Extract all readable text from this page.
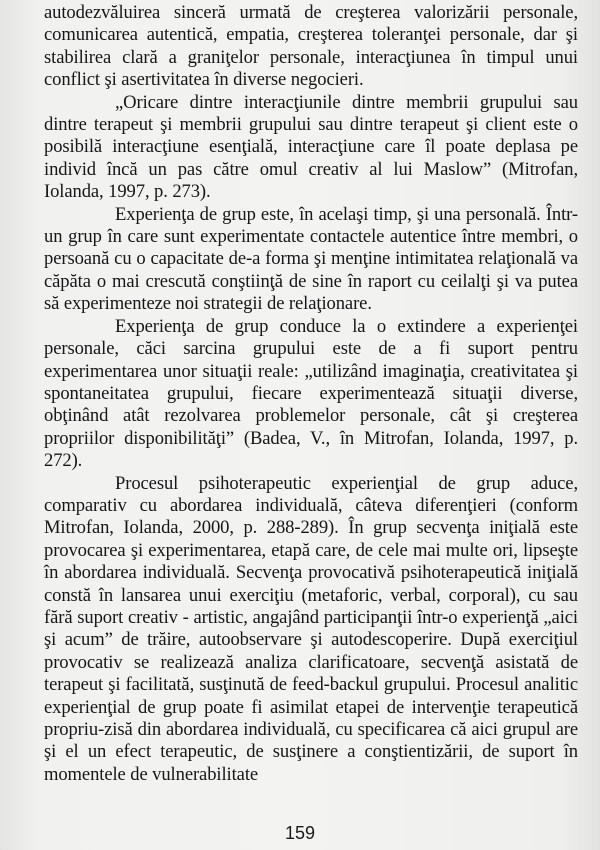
autodezvăluirea sinceră urmată de creşterea valorizării personale, comunicarea autentică, empatia, creşterea toleranţei personale, dar şi stabilirea clară a graniţelor personale, interacţiunea în timpul unui conflict şi asertivitatea în diverse negocieri.

„Oricare dintre interacţiunile dintre membrii grupului sau dintre terapeut şi membrii grupului sau dintre terapeut şi client este o posibilă interacţiune esenţială, interacţiune care îl poate deplasa pe individ încă un pas către omul creativ al lui Maslow” (Mitrofan, Iolanda, 1997, p. 273).

Experienţa de grup este, în acelaşi timp, şi una personală. Într-un grup în care sunt experimentate contactele autentice între membri, o persoană cu o capacitate de-a forma şi menţine intimitatea relaţională va căpăta o mai crescută conştiinţă de sine în raport cu ceilalţi şi va putea să experimenteze noi strategii de relaţionare.

Experienţa de grup conduce la o extindere a experienţei personale, căci sarcina grupului este de a fi suport pentru experimentarea unor situaţii reale: „utilizând imaginaţia, creativitatea şi spontaneitatea grupului, fiecare experimentează situaţii diverse, obţinând atât rezolvarea problemelor personale, cât şi creşterea propriilor disponibilităţi” (Badea, V., în Mitrofan, Iolanda, 1997, p. 272).

Procesul psihoterapeutic experienţial de grup aduce, comparativ cu abordarea individuală, câteva diferenţieri (conform Mitrofan, Iolanda, 2000, p. 288-289). În grup secvenţa iniţială este provocarea şi experimentarea, etapă care, de cele mai multe ori, lipseşte în abordarea individuală. Secvenţa provocativă psihoterapeutică iniţială constă în lansarea unui exerciţiu (metaforic, verbal, corporal), cu sau fără suport creativ - artistic, angajând participanţii într-o experienţă „aici şi acum” de trăire, autoobservare şi autodescoperire. După exerciţiul provocativ se realizează analiza clarificatoare, secvenţă asistată de terapeut şi facilitată, susţinută de feed-backul grupului. Procesul analitic experienţial de grup poate fi asimilat etapei de intervenţie terapeutică propriu-zisă din abordarea individuală, cu specificarea că aici grupul are şi el un efect terapeutic, de susţinere a conştientizării, de suport în momentele de vulnerabilitate

159
